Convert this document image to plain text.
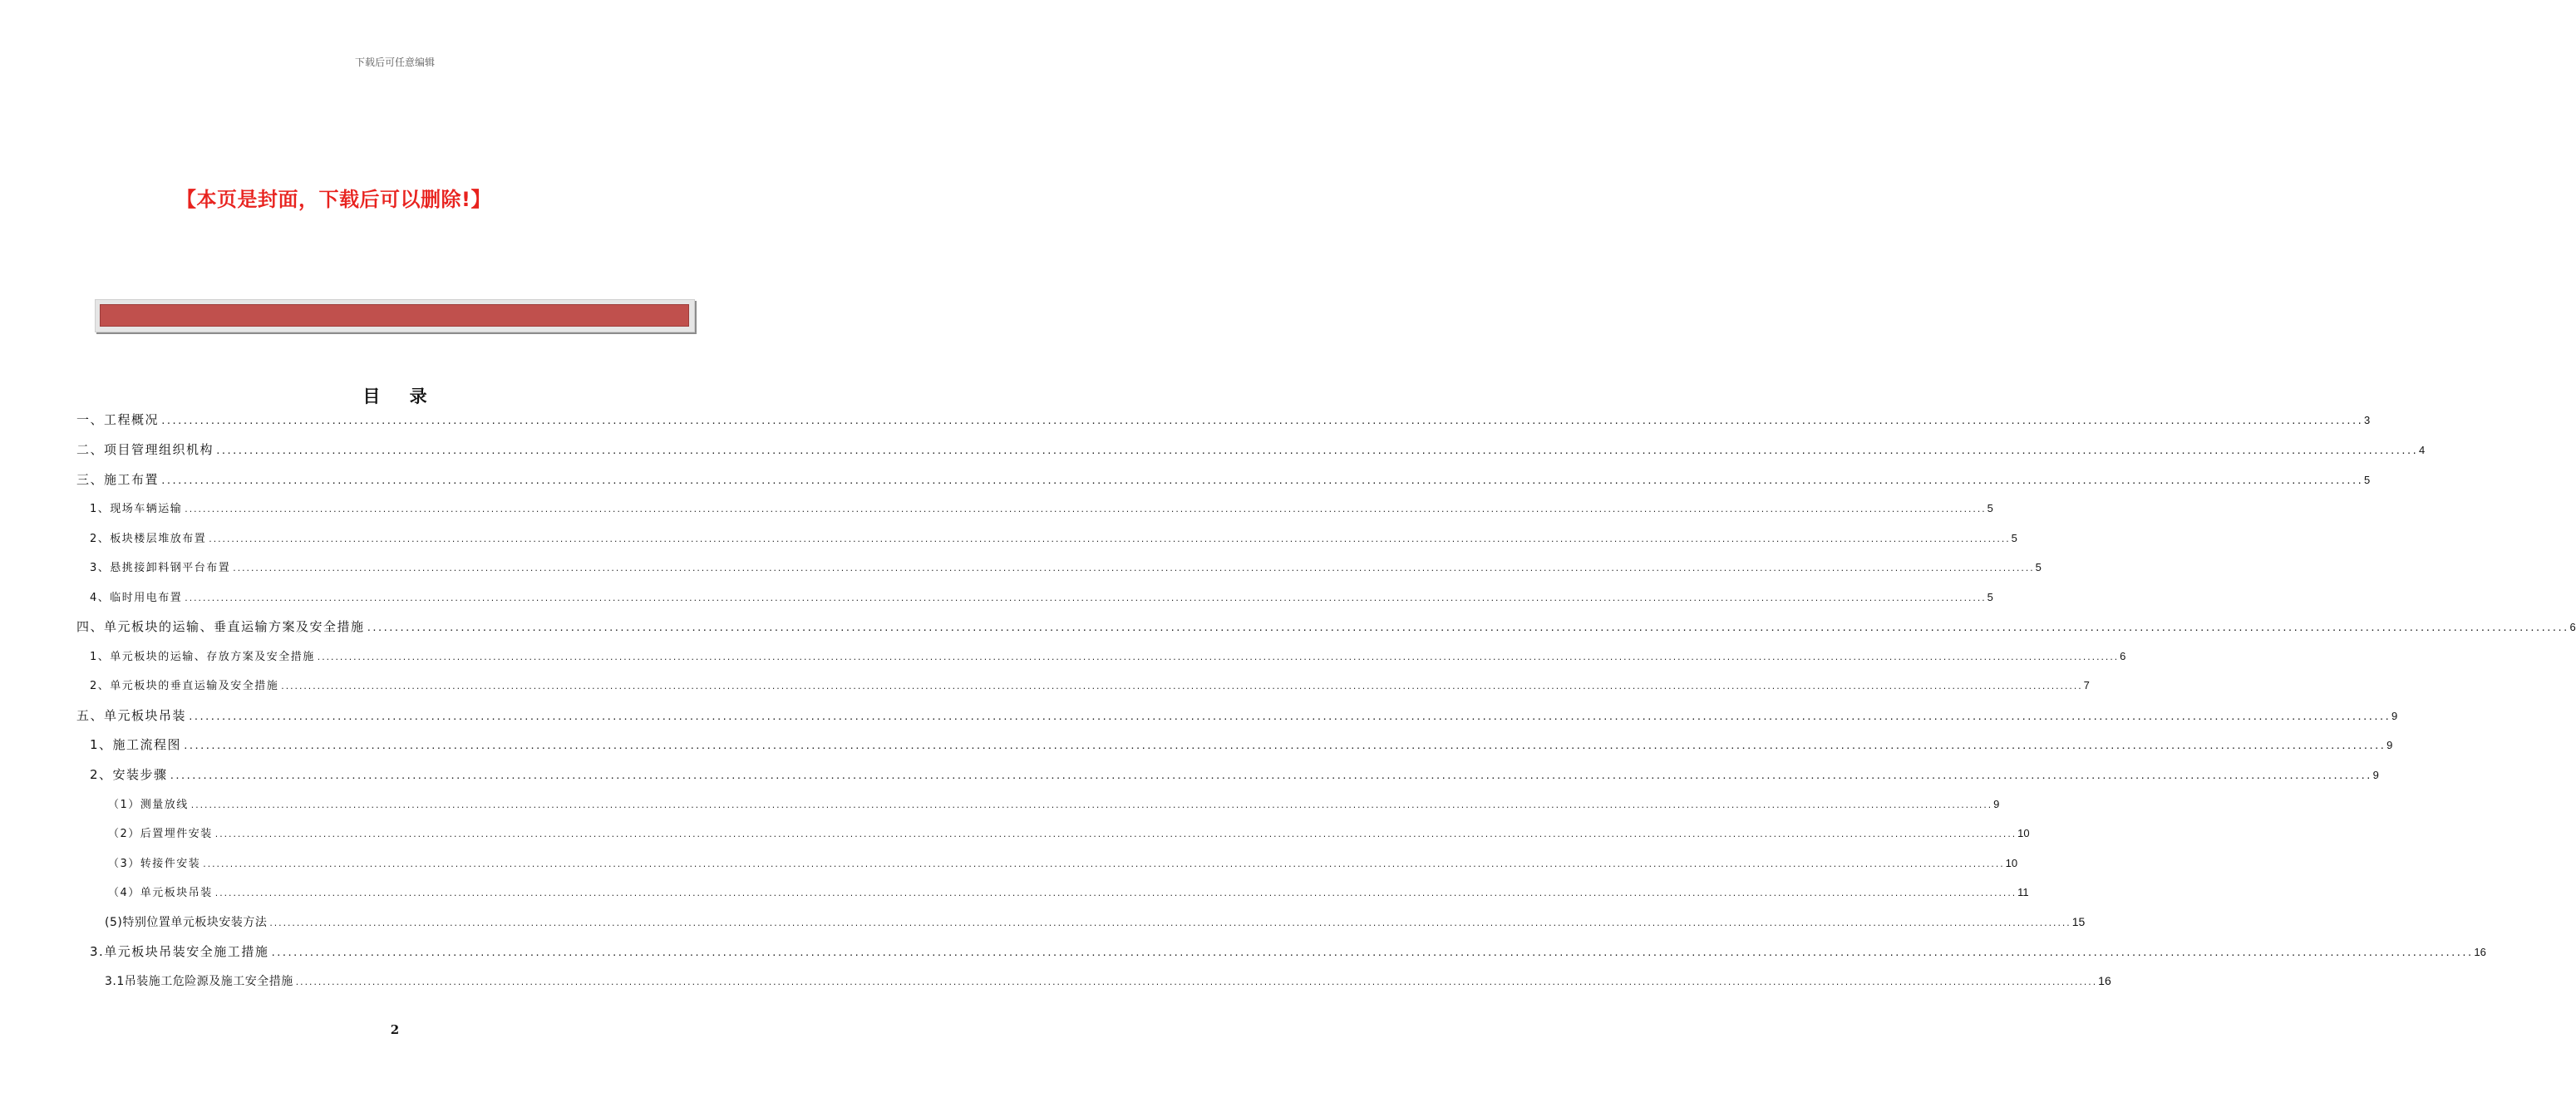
下载后可任意编辑
【本页是封面，下载后可以删除!】
目 录
一、工程概况 ................................................................................................................................................................................................................................................................................................................................................................................................................ 3
二、项目管理组织机构 ................................................................................................................................................................................................................................................................................................................................................................................................................ 4
三、施工布置 ................................................................................................................................................................................................................................................................................................................................................................................................................ 5
1、现场车辆运输 ................................................................................................................................................................................................................................................................................................................................................................................................................ 5
2、板块楼层堆放布置 ................................................................................................................................................................................................................................................................................................................................................................................................................ 5
3、悬挑接卸料钢平台布置 ................................................................................................................................................................................................................................................................................................................................................................................................................ 5
4、临时用电布置 ................................................................................................................................................................................................................................................................................................................................................................................................................ 5
四、单元板块的运输、垂直运输方案及安全措施 ................................................................................................................................................................................................................................................................................................................................................................................................................ 6
1、单元板块的运输、存放方案及安全措施 ................................................................................................................................................................................................................................................................................................................................................................................................................ 6
2、单元板块的垂直运输及安全措施 ................................................................................................................................................................................................................................................................................................................................................................................................................ 7
五、单元板块吊装 ................................................................................................................................................................................................................................................................................................................................................................................................................ 9
1、施工流程图 ................................................................................................................................................................................................................................................................................................................................................................................................................ 9
2、安装步骤 ................................................................................................................................................................................................................................................................................................................................................................................................................ 9
（1）测量放线 ................................................................................................................................................................................................................................................................................................................................................................................................................ 9
（2）后置埋件安装 ................................................................................................................................................................................................................................................................................................................................................................................................................ 10
（3）转接件安装 ................................................................................................................................................................................................................................................................................................................................................................................................................ 10
（4）单元板块吊装 ................................................................................................................................................................................................................................................................................................................................................................................................................ 11
(5)特别位置单元板块安装方法 ................................................................................................................................................................................................................................................................................................................................................................................................................ 15
3.单元板块吊装安全施工措施 ................................................................................................................................................................................................................................................................................................................................................................................................................ 16
3.1吊装施工危险源及施工安全措施 ................................................................................................................................................................................................................................................................................................................................................................................................................ 16
2
